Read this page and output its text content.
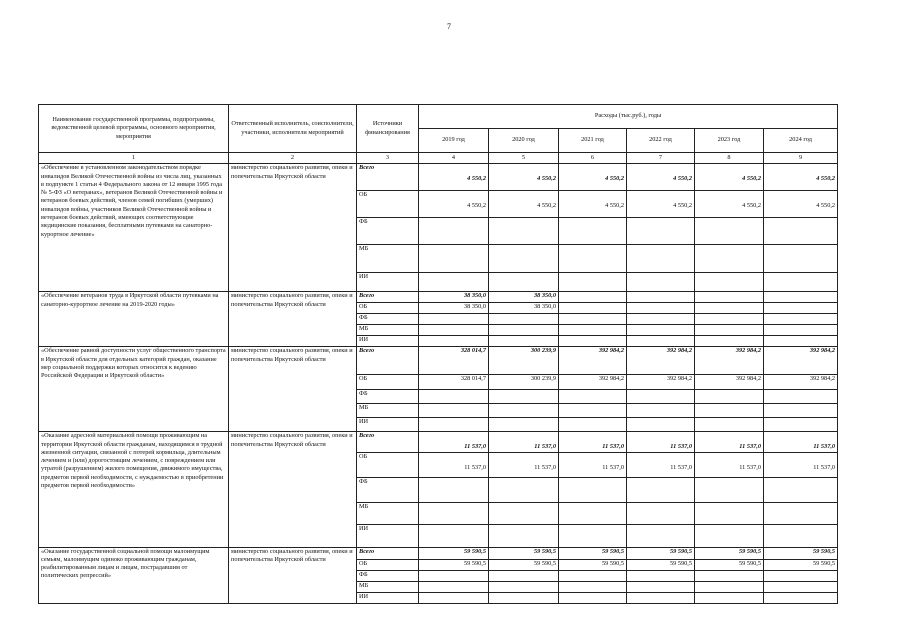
7
Наименование государственной программы, подпрограммы, ведомственной целевой программы, основного мероприятия, мероприятия	Ответственный исполнитель, соисполнители, участники, исполнители мероприятий	Источники финансирования	Расходы (тыс.руб.), годы					
			2019 год	2020 год	2021 год	2022 год	2023 год	2024 год
1	2	3	4	5	6	7	8	9
«Обеспечение в установленном законодательством порядке инвалидов Великой Отечественной войны из числа лиц, указанных в подпункте 1 статьи 4 Федерального закона от 12 января 1995 года № 5-ФЗ «О ветеранах», ветеранов Великой Отечественной войны и ветеранов боевых действий, членов семей погибших (умерших) инвалидов войны, участников Великой Отечественной войны и ветеранов боевых действий, имеющих соответствующие медицинские показания, бесплатными путевками на санаторно-курортное лечение»	министерство социального развития, опеки и попечительства Иркутской области	Всего	4 550,2	4 550,2	4 550,2	4 550,2	4 550,2	4 550,2
		ОБ	4 550,2	4 550,2	4 550,2	4 550,2	4 550,2	4 550,2
		ФБ						
		МБ						
		ИИ						
«Обеспечение ветеранов труда в Иркутской области путевками на санаторно-курортное лечение на 2019-2020 годы»	министерство социального развития, опеки и попечительства Иркутской области	Всего	38 350,0	38 350,0				
		ОБ	38 350,0	38 350,0				
		ФБ						
		МБ						
		ИИ						
«Обеспечение равной доступности услуг общественного транспорта в Иркутской области для отдельных категорий граждан, оказание мер социальной поддержки которых относится к ведению Российской Федерации и Иркутской области»	министерство социального развития, опеки и попечительства Иркутской области	Всего	328 014,7	300 239,9	392 984,2	392 984,2	392 984,2	392 984,2
		ОБ	328 014,7	300 239,9	392 984,2	392 984,2	392 984,2	392 984,2
		ФБ						
		МБ						
		ИИ						
«Оказание адресной материальной помощи проживающим на территории Иркутской области гражданам, находящимся в трудной жизненной ситуации, связанной с потерей кормильца, длительным лечением и (или) дорогостоящим лечением, с повреждением или утратой (разрушением) жилого помещения, движимого имущества, предметов первой необходимости, с нуждаемостью в приобретении предметов первой необходимости»	министерство социального развития, опеки и попечительства Иркутской области	Всего	11 537,0	11 537,0	11 537,0	11 537,0	11 537,0	11 537,0
		ОБ	11 537,0	11 537,0	11 537,0	11 537,0	11 537,0	11 537,0
		ФБ						
		МБ						
		ИИ						
«Оказание государственной социальной помощи малоимущим семьям, малоимущим одиноко проживающим гражданам, реабилитированным лицам и лицам, пострадавшим от политических репрессий»	министерство социального развития, опеки и попечительства Иркутской области	Всего	59 590,5	59 590,5	59 590,5	59 590,5	59 590,5	59 590,5
		ОБ	59 590,5	59 590,5	59 590,5	59 590,5	59 590,5	59 590,5
		ФБ						
		МБ						
		ИИ						
